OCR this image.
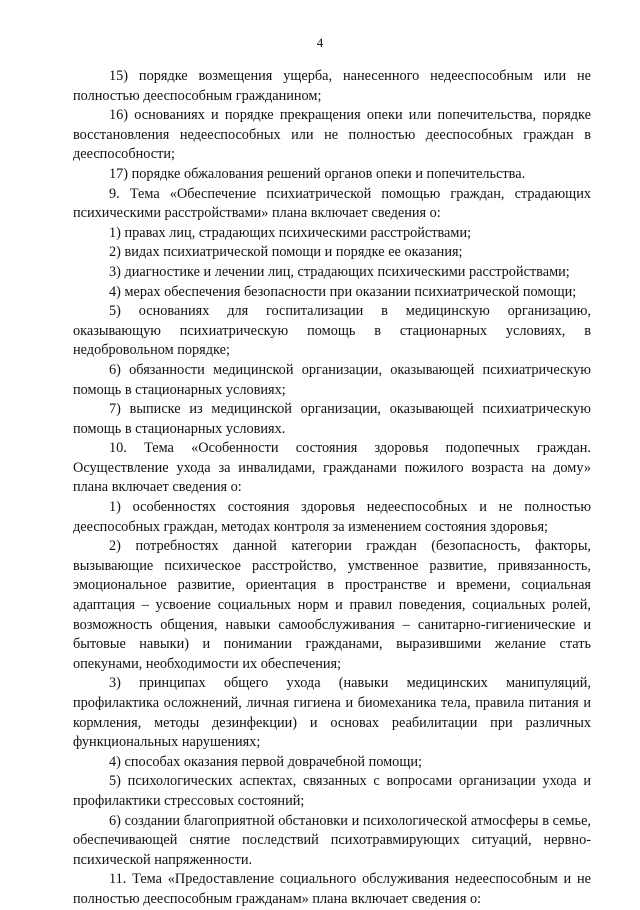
4

15) порядке возмещения ущерба, нанесенного недееспособным или не полностью дееспособным гражданином;

16) основаниях и порядке прекращения опеки или попечительства, порядке восстановления недееспособных или не полностью дееспособных граждан в дееспособности;

17) порядке обжалования решений органов опеки и попечительства.

9. Тема «Обеспечение психиатрической помощью граждан, страдающих психическими расстройствами» плана включает сведения о:

1) правах лиц, страдающих психическими расстройствами;

2) видах психиатрической помощи и порядке ее оказания;

3) диагностике и лечении лиц, страдающих психическими расстройствами;

4) мерах обеспечения безопасности при оказании психиатрической помощи;

5) основаниях для госпитализации в медицинскую организацию, оказывающую психиатрическую помощь в стационарных условиях, в недобровольном порядке;

6) обязанности медицинской организации, оказывающей психиатрическую помощь в стационарных условиях;

7) выписке из медицинской организации, оказывающей психиатрическую помощь в стационарных условиях.

10. Тема «Особенности состояния здоровья подопечных граждан. Осуществление ухода за инвалидами, гражданами пожилого возраста на дому» плана включает сведения о:

1) особенностях состояния здоровья недееспособных и не полностью дееспособных граждан, методах контроля за изменением состояния здоровья;

2) потребностях данной категории граждан (безопасность, факторы, вызывающие психическое расстройство, умственное развитие, привязанность, эмоциональное развитие, ориентация в пространстве и времени, социальная адаптация – усвоение социальных норм и правил поведения, социальных ролей, возможность общения, навыки самообслуживания – санитарно-гигиенические и бытовые навыки) и понимании гражданами, выразившими желание стать опекунами, необходимости их обеспечения;

3) принципах общего ухода (навыки медицинских манипуляций, профилактика осложнений, личная гигиена и биомеханика тела, правила питания и кормления, методы дезинфекции) и основах реабилитации при различных функциональных нарушениях;

4) способах оказания первой доврачебной помощи;

5) психологических аспектах, связанных с вопросами организации ухода и профилактики стрессовых состояний;

6) создании благоприятной обстановки и психологической атмосферы в семье, обеспечивающей снятие последствий психотравмирующих ситуаций, нервно-психической напряженности.

11. Тема «Предоставление социального обслуживания недееспособным и не полностью дееспособным гражданам» плана включает сведения о:
